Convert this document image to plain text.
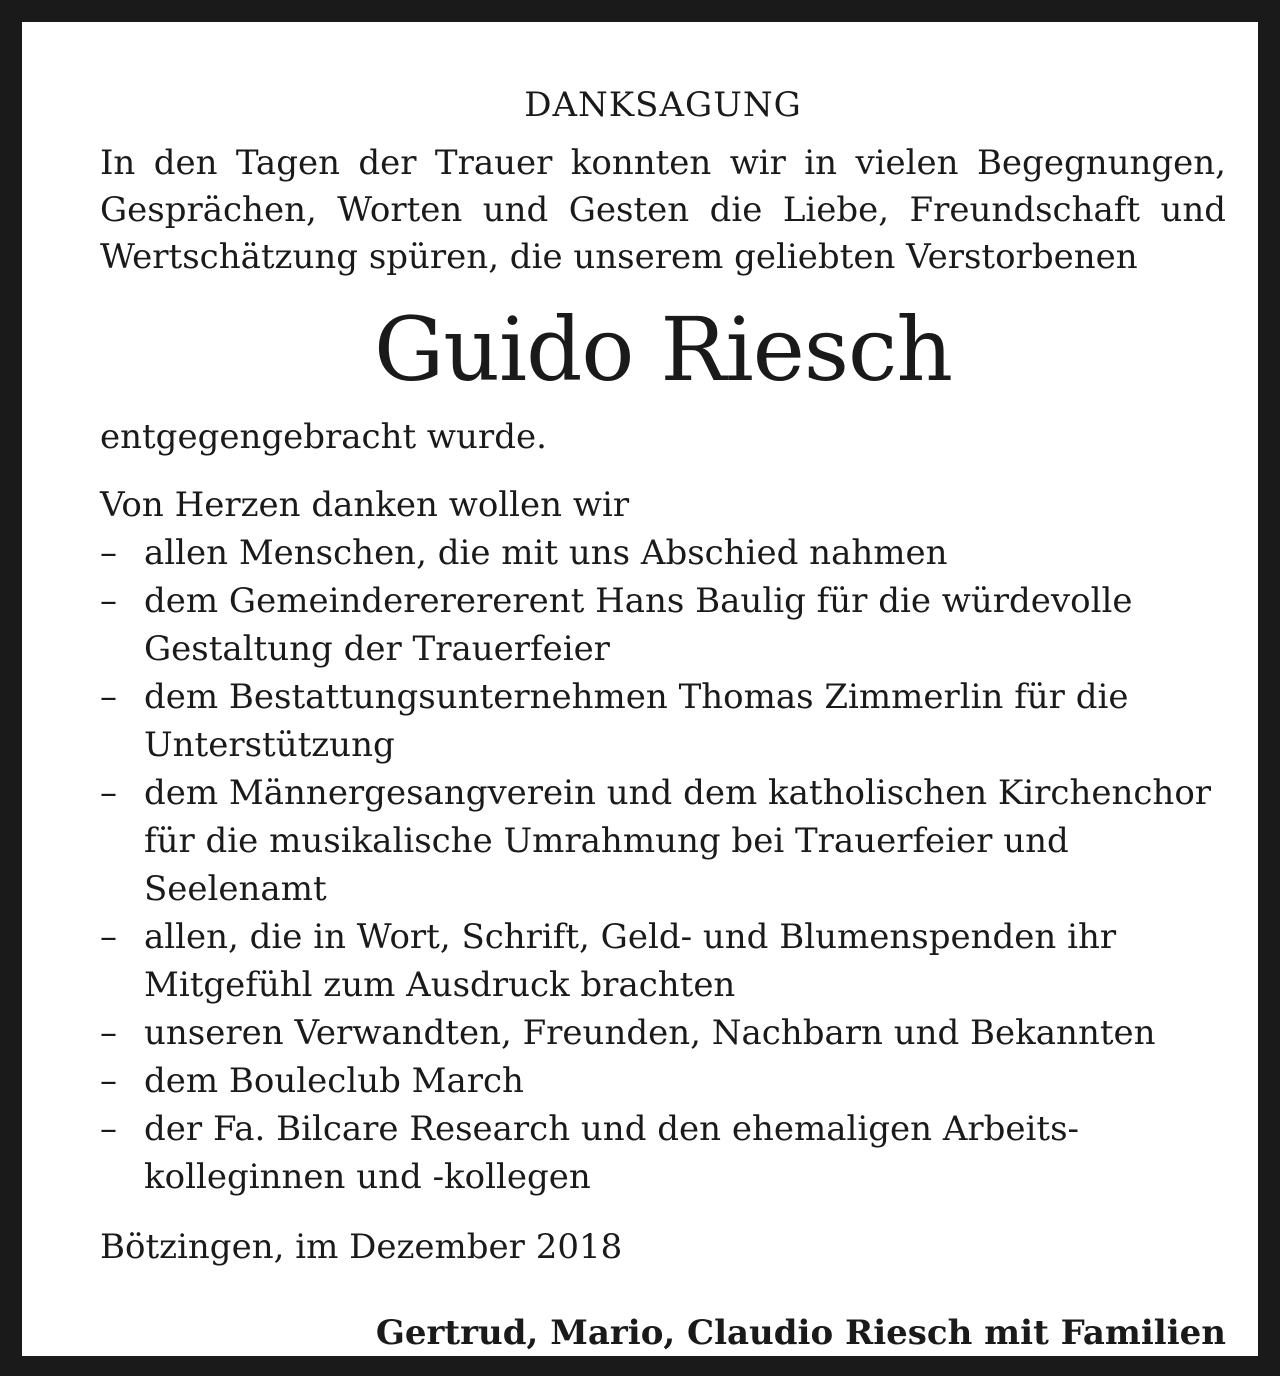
DANKSAGUNG

In den Tagen der Trauer konnten wir in vielen Begegnungen, Gesprächen, Worten und Gesten die Liebe, Freundschaft und Wertschätzung spüren, die unserem geliebten Verstorbenen

Guido Riesch

entgegengebracht wurde.

Von Herzen danken wollen wir

– allen Menschen, die mit uns Abschied nahmen
– dem Gemeindererererent Hans Baulig für die würdevolle Gestaltung der Trauerfeier
– dem Bestattungsunternehmen Thomas Zimmerlin für die Unterstützung
– dem Männergesangverein und dem katholischen Kirchenchor für die musikalische Umrahmung bei Trauerfeier und Seelenamt
– allen, die in Wort, Schrift, Geld- und Blumenspenden ihr Mitgefühl zum Ausdruck brachten
– unseren Verwandten, Freunden, Nachbarn und Bekannten
– dem Bouleclub March
– der Fa. Bilcare Research und den ehemaligen Arbeits-kolleginnen und -kollegen

Bötzingen, im Dezember 2018

Gertrud, Mario, Claudio Riesch mit Familien
